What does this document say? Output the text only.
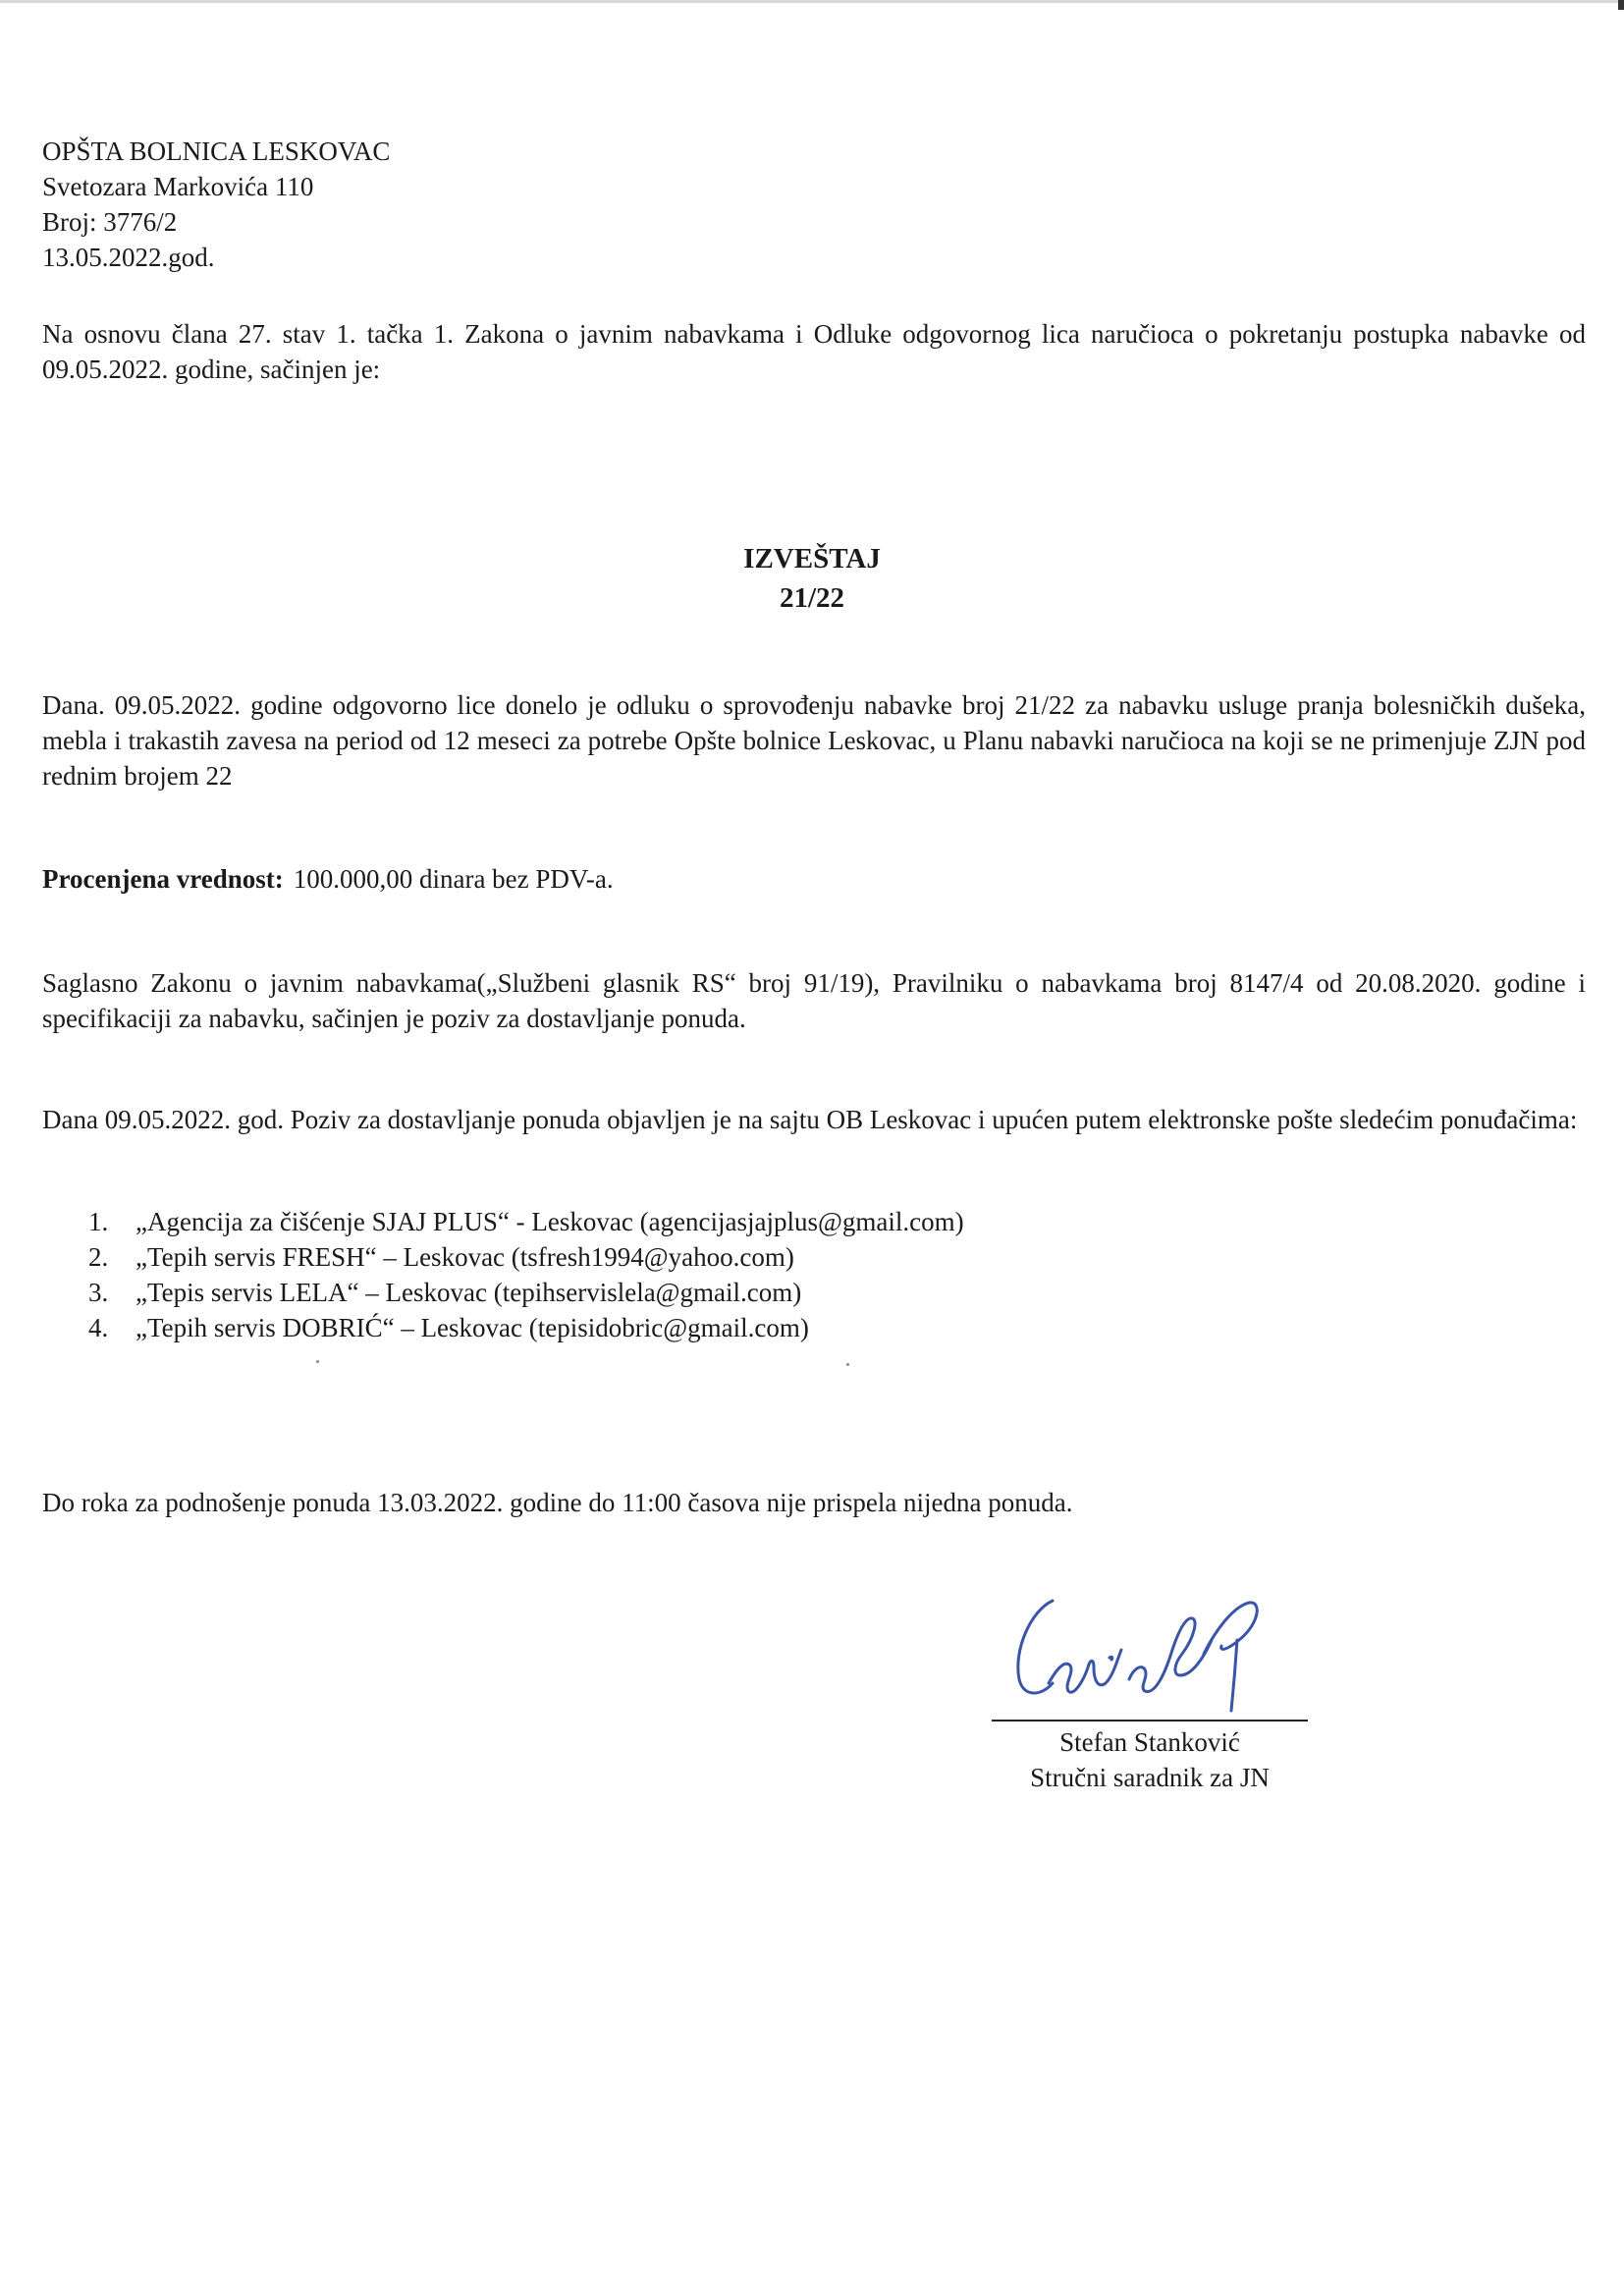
OPŠTA BOLNICA LESKOVAC
Svetozara Markovića 110
Broj: 3776/2
13.05.2022.god.
Na osnovu člana 27. stav 1. tačka 1. Zakona o javnim nabavkama i Odluke odgovornog lica naručioca o pokretanju postupka nabavke od 09.05.2022. godine, sačinjen je:
IZVEŠTAJ
21/22
Dana. 09.05.2022. godine odgovorno lice donelo je odluku o sprovođenju nabavke broj 21/22 za nabavku usluge pranja bolesničkih dušeka, mebla i trakastih zavesa na period od 12 meseci za potrebe Opšte bolnice Leskovac, u Planu nabavki naručioca na koji se ne primenjuje ZJN pod rednim brojem 22
Procenjena vrednost: 100.000,00 dinara bez PDV-a.
Saglasno Zakonu o javnim nabavkama(„Službeni glasnik RS“ broj 91/19), Pravilniku o nabavkama broj 8147/4 od 20.08.2020. godine i specifikaciji za nabavku, sačinjen je poziv za dostavljanje ponuda.
Dana 09.05.2022. god. Poziv za dostavljanje ponuda objavljen je na sajtu OB Leskovac i upućen putem elektronske pošte sledećim ponuđačima:
1. „Agencija za čišćenje SJAJ PLUS“ - Leskovac (agencijasjajplus@gmail.com)
2. „Tepih servis FRESH“ – Leskovac (tsfresh1994@yahoo.com)
3. „Tepis servis LELA“ – Leskovac (tepihservislela@gmail.com)
4. „Tepih servis DOBRIĆ“ – Leskovac (tepisidobric@gmail.com)
Do roka za podnošenje ponuda 13.03.2022. godine do 11:00 časova nije prispela nijedna ponuda.
Stefan Stanković
Stručni saradnik za JN
